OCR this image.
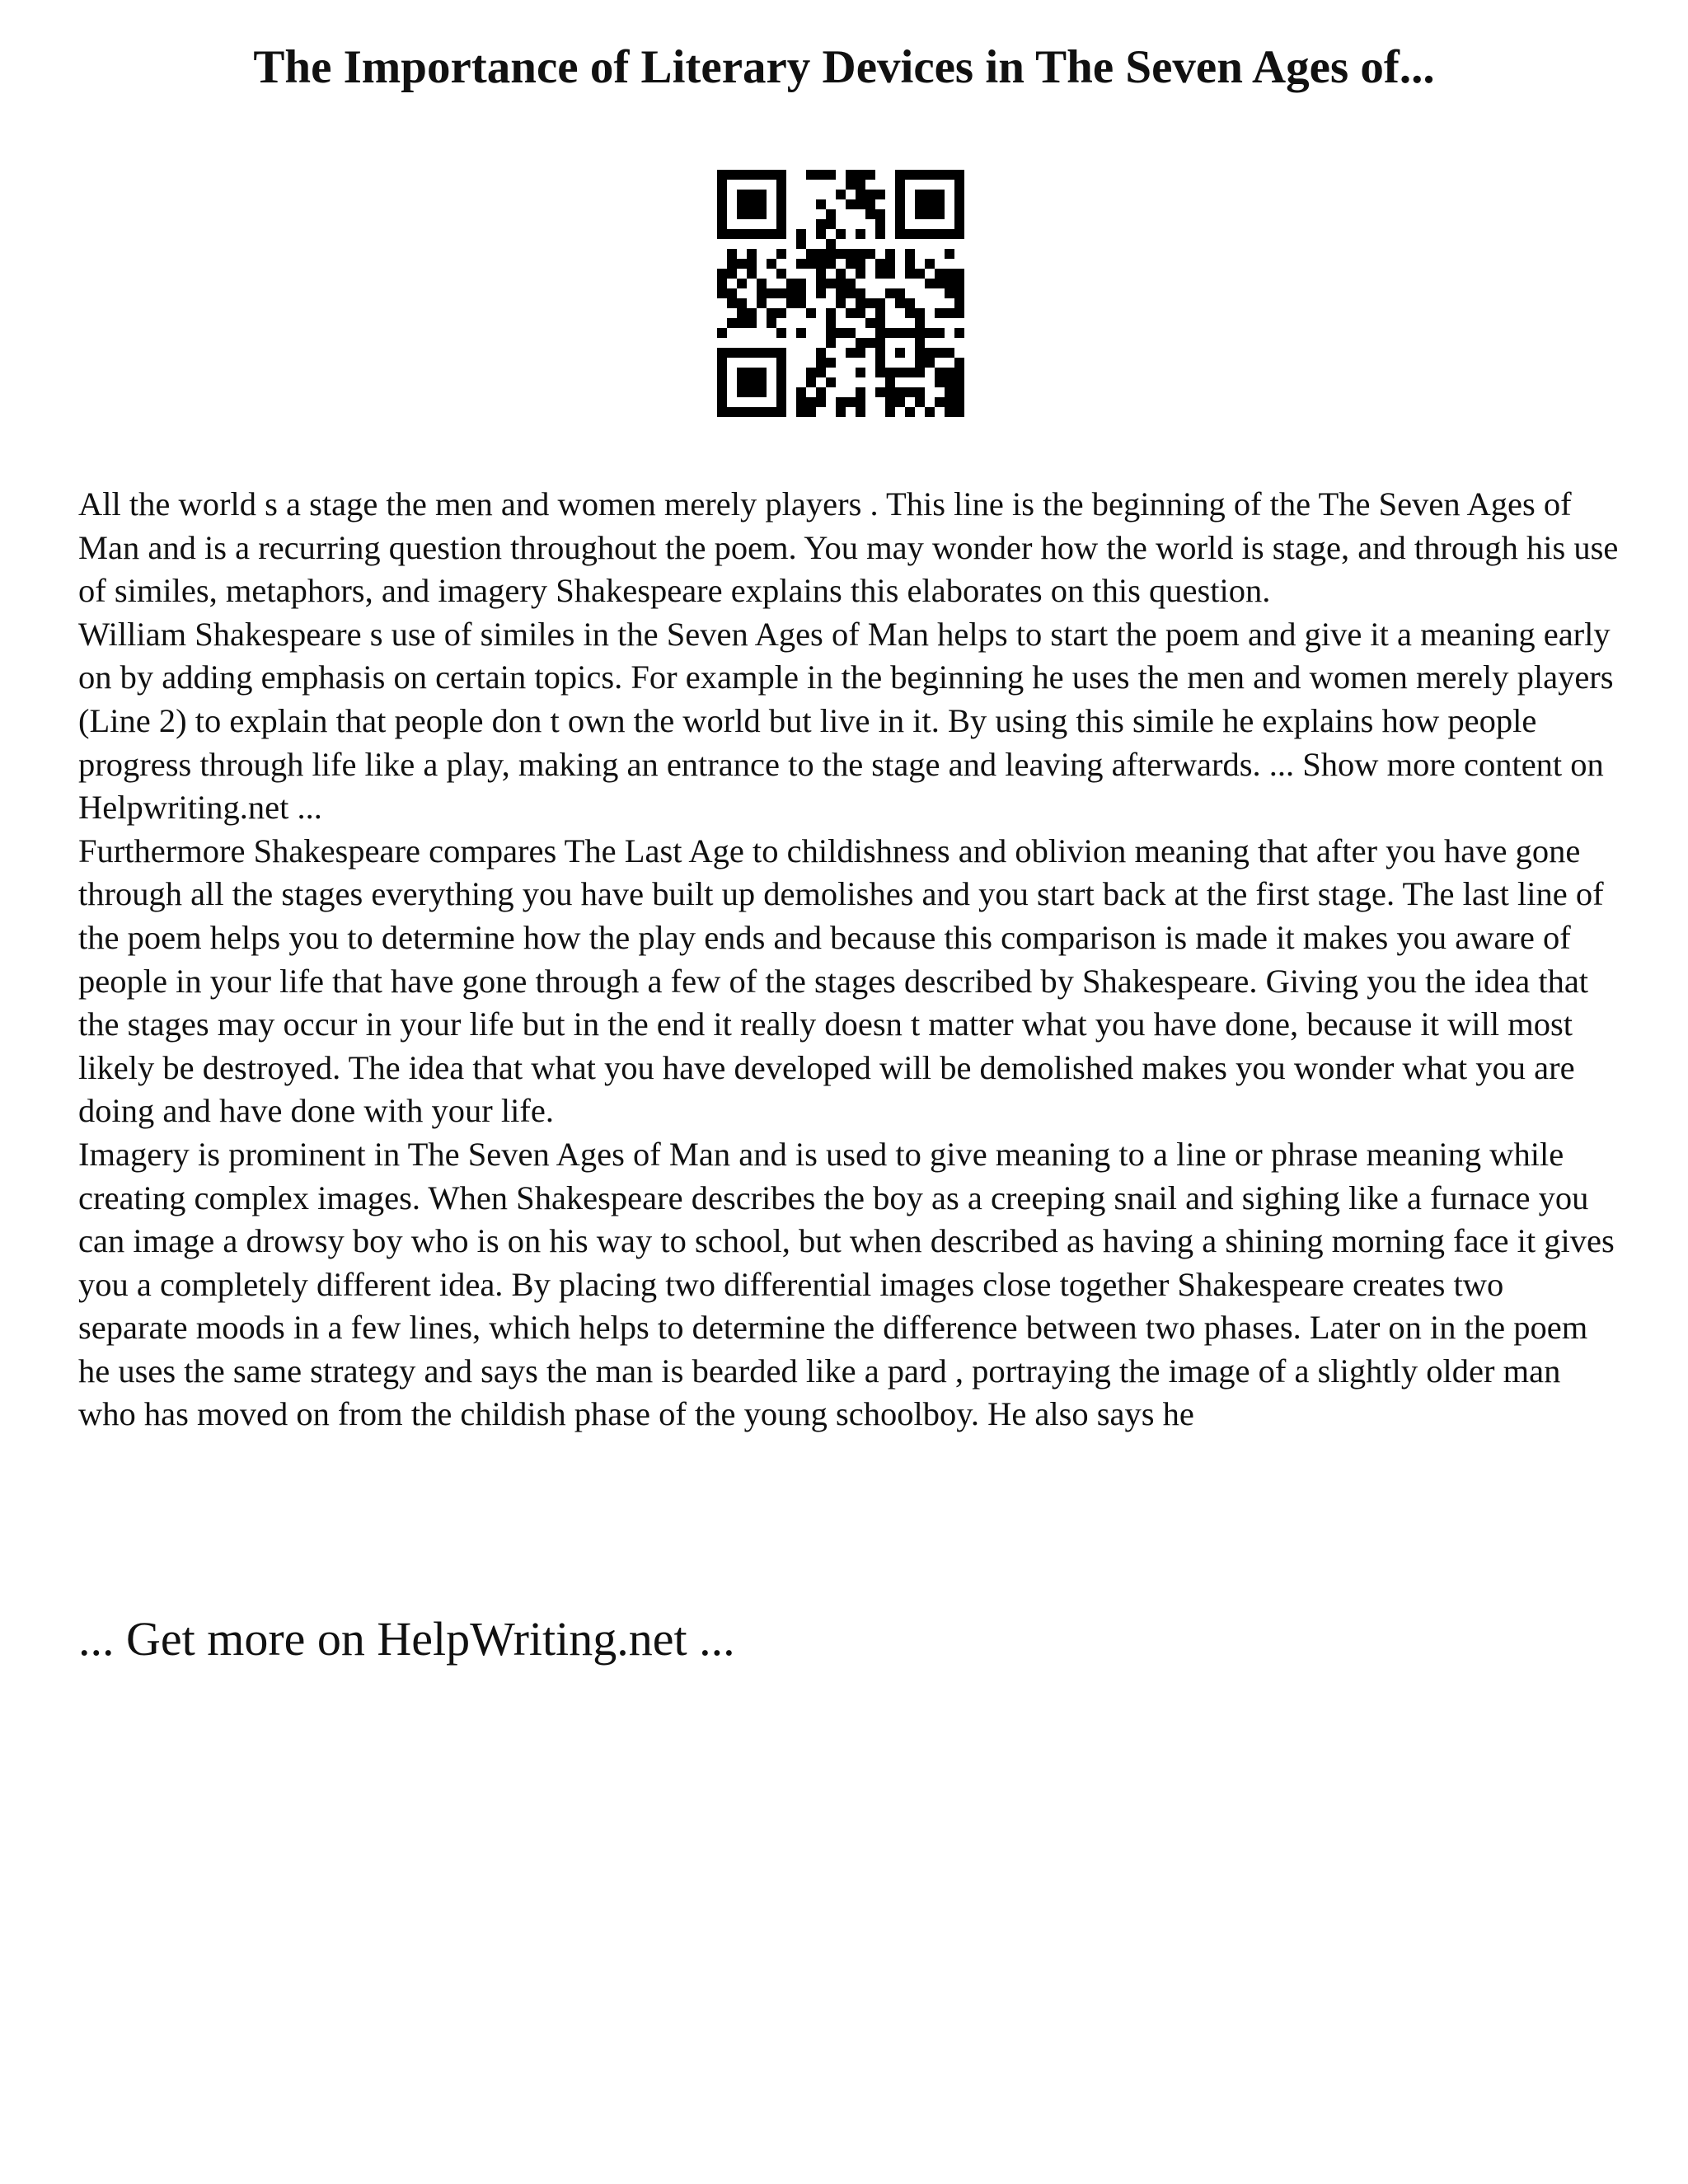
The Importance of Literary Devices in The Seven Ages of...

All the world s a stage the men and women merely players . This line is the beginning of the The Seven Ages of Man and is a recurring question throughout the poem. You may wonder how the world is stage, and through his use of similes, metaphors, and imagery Shakespeare explains this elaborates on this question.

William Shakespeare s use of similes in the Seven Ages of Man helps to start the poem and give it a meaning early on by adding emphasis on certain topics. For example in the beginning he uses the men and women merely players (Line 2) to explain that people don t own the world but live in it. By using this simile he explains how people progress through life like a play, making an entrance to the stage and leaving afterwards. ... Show more content on Helpwriting.net ...

Furthermore Shakespeare compares The Last Age to childishness and oblivion meaning that after you have gone through all the stages everything you have built up demolishes and you start back at the first stage. The last line of the poem helps you to determine how the play ends and because this comparison is made it makes you aware of people in your life that have gone through a few of the stages described by Shakespeare. Giving you the idea that the stages may occur in your life but in the end it really doesn t matter what you have done, because it will most likely be destroyed. The idea that what you have developed will be demolished makes you wonder what you are doing and have done with your life.

Imagery is prominent in The Seven Ages of Man and is used to give meaning to a line or phrase meaning while creating complex images. When Shakespeare describes the boy as a creeping snail and sighing like a furnace you can image a drowsy boy who is on his way to school, but when described as having a shining morning face it gives you a completely different idea. By placing two differential images close together Shakespeare creates two separate moods in a few lines, which helps to determine the difference between two phases. Later on in the poem he uses the same strategy and says the man is bearded like a pard , portraying the image of a slightly older man who has moved on from the childish phase of the young schoolboy. He also says he

... Get more on HelpWriting.net ...
